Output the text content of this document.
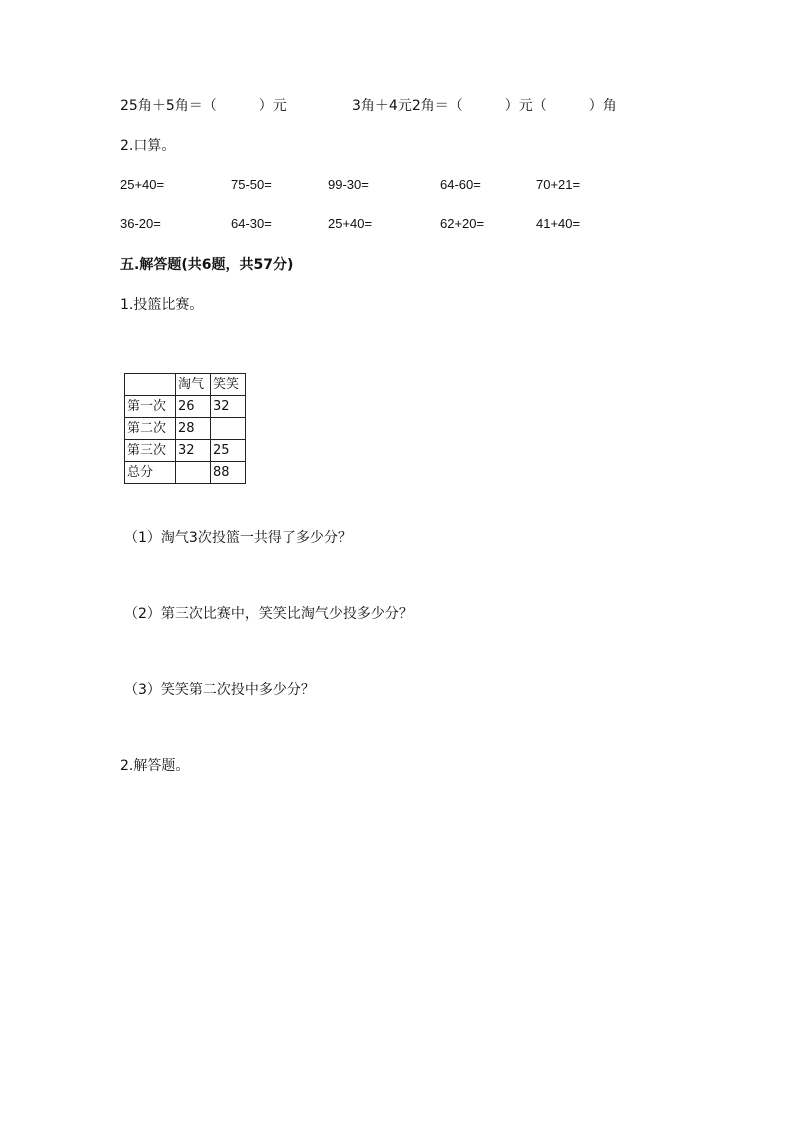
25角＋5角＝（　　　）元	3角＋4元2角＝（　　　）元（　　　）角
2.口算。
25+40=	75-50=	99-30=	64-60=	70+21=
36-20=	64-30=	25+40=	62+20=	41+40=
五.解答题(共6题，共57分)
1.投篮比赛。
	淘气	笑笑
第一次	26	32
第二次	28	
第三次	32	25
总分		88
（1）淘气3次投篮一共得了多少分？
（2）第三次比赛中，笑笑比淘气少投多少分？
（3）笑笑第二次投中多少分？
2.解答题。
